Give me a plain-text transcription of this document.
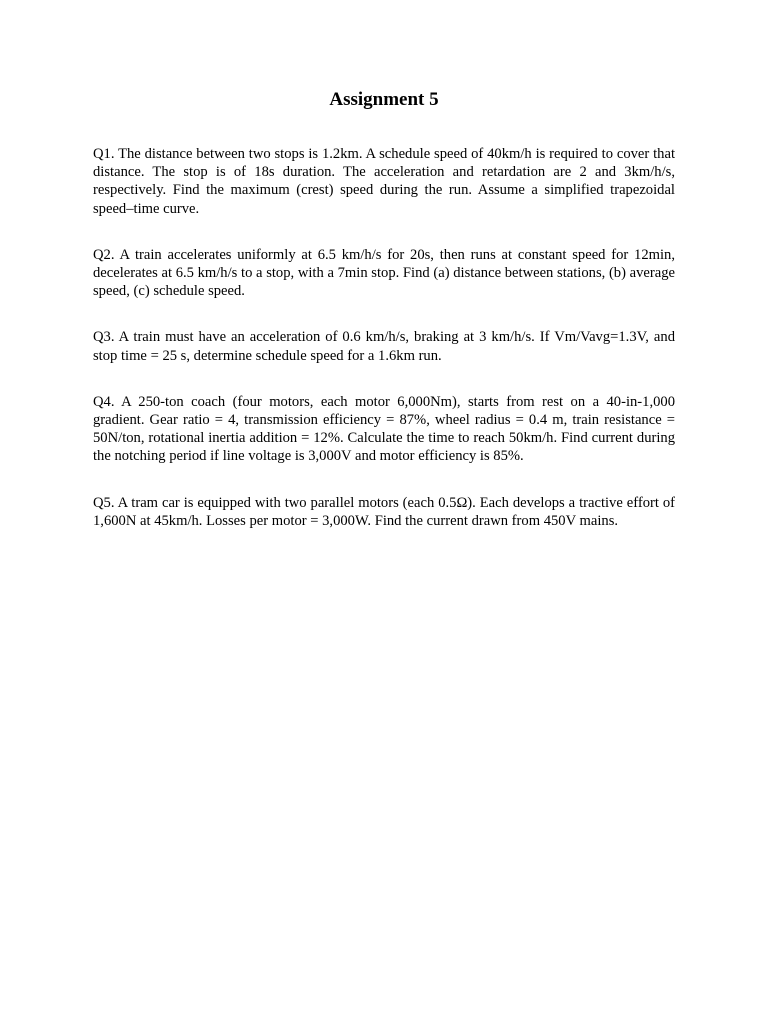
Assignment 5

Q1. The distance between two stops is 1.2km. A schedule speed of 40km/h is required to cover that distance. The stop is of 18s duration. The acceleration and retardation are 2 and 3km/h/s, respectively. Find the maximum (crest) speed during the run. Assume a simplified trapezoidal speed–time curve.

Q2. A train accelerates uniformly at 6.5 km/h/s for 20s, then runs at constant speed for 12min, decelerates at 6.5 km/h/s to a stop, with a 7min stop. Find (a) distance between stations, (b) average speed, (c) schedule speed.

Q3. A train must have an acceleration of 0.6 km/h/s, braking at 3 km/h/s. If Vm/Vavg=1.3V, and stop time = 25 s, determine schedule speed for a 1.6km run.

Q4. A 250-ton coach (four motors, each motor 6,000Nm), starts from rest on a 40-in-1,000 gradient. Gear ratio = 4, transmission efficiency = 87%, wheel radius = 0.4 m, train resistance = 50N/ton, rotational inertia addition = 12%. Calculate the time to reach 50km/h. Find current during the notching period if line voltage is 3,000V and motor efficiency is 85%.

Q5. A tram car is equipped with two parallel motors (each 0.5Ω). Each develops a tractive effort of 1,600N at 45km/h. Losses per motor = 3,000W. Find the current drawn from 450V mains.
